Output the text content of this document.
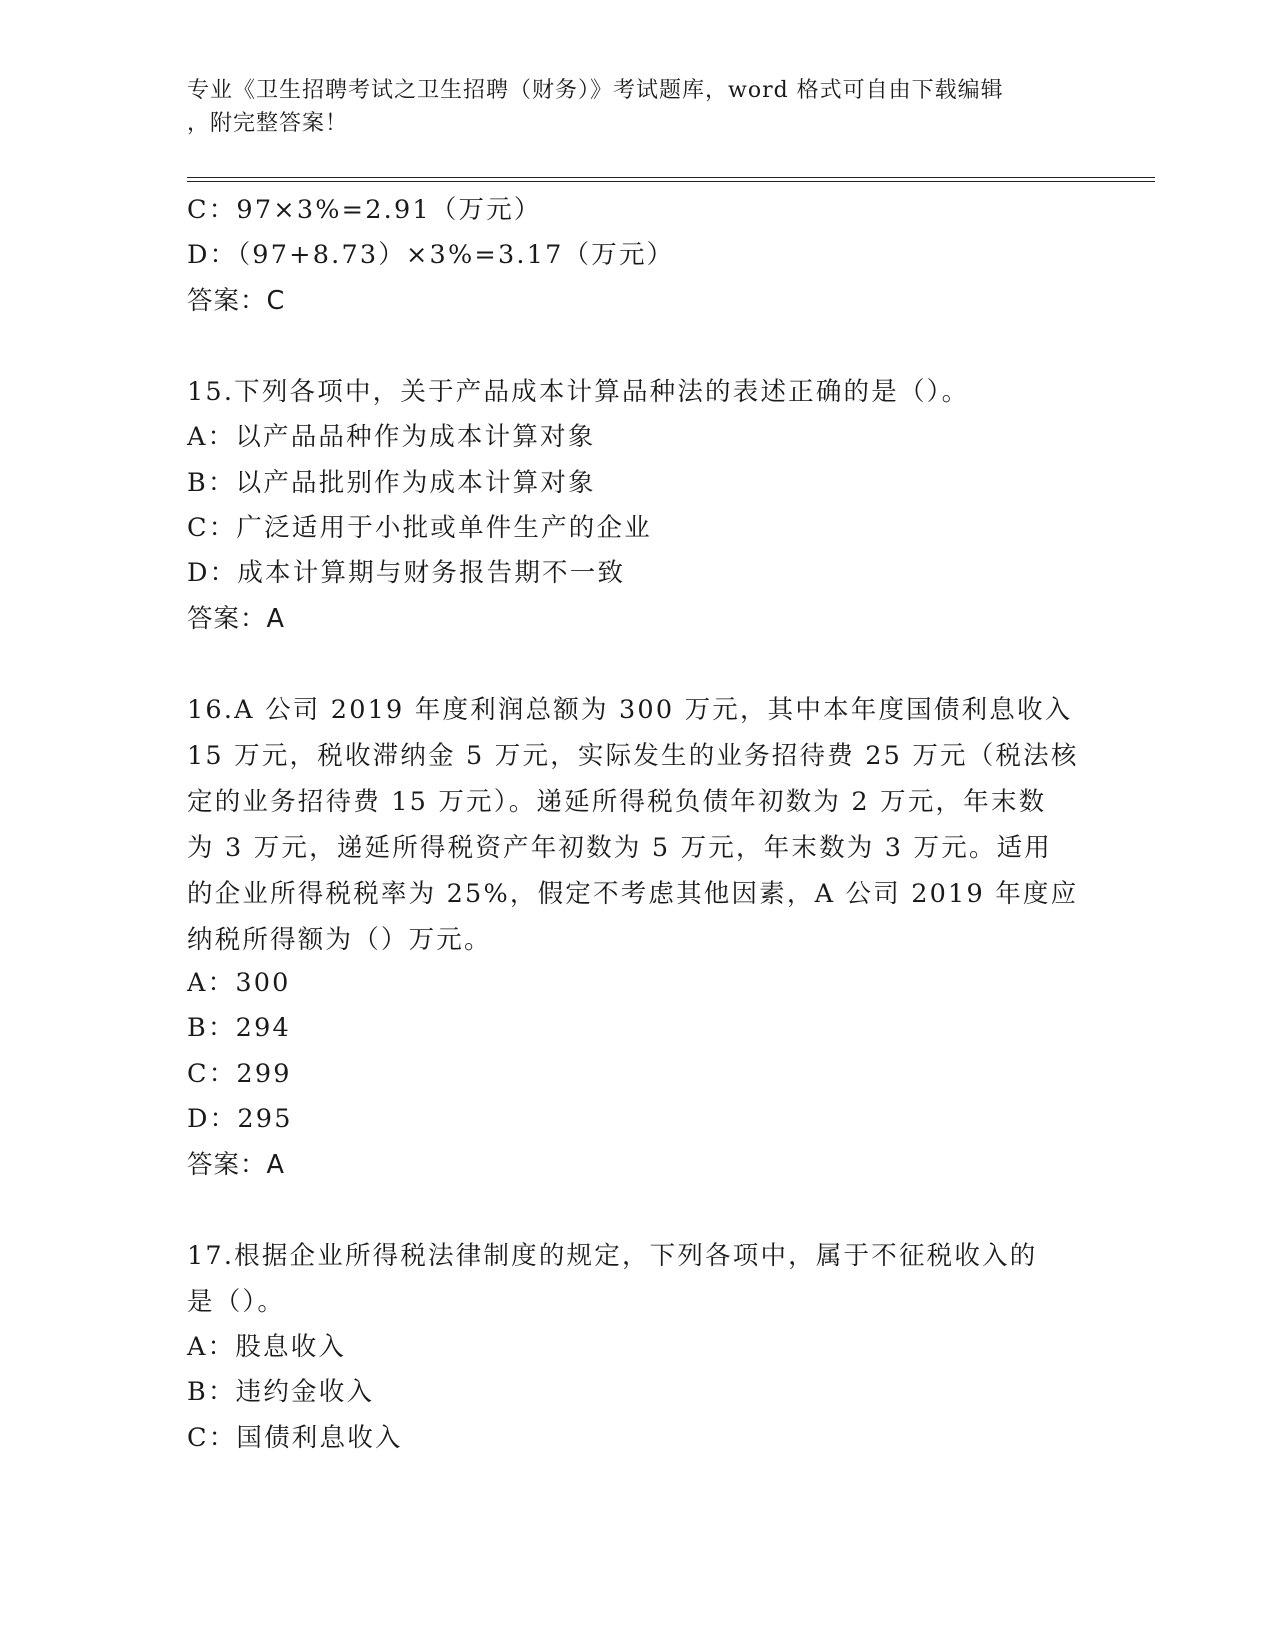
专业《卫生招聘考试之卫生招聘（财务）》考试题库，word 格式可自由下载编辑
，附完整答案！
C：97×3%=2.91（万元）
D：（97+8.73）×3%=3.17（万元）
答案：C
15.下列各项中，关于产品成本计算品种法的表述正确的是（）。
A：以产品品种作为成本计算对象
B：以产品批别作为成本计算对象
C：广泛适用于小批或单件生产的企业
D：成本计算期与财务报告期不一致
答案：A
16.A 公司 2019 年度利润总额为 300 万元，其中本年度国债利息收入
15 万元，税收滞纳金 5 万元，实际发生的业务招待费 25 万元（税法核
定的业务招待费 15 万元）。递延所得税负债年初数为 2 万元，年末数
为 3 万元，递延所得税资产年初数为 5 万元，年末数为 3 万元。适用
的企业所得税税率为 25%，假定不考虑其他因素，A 公司 2019 年度应
纳税所得额为（）万元。
A：300
B：294
C：299
D：295
答案：A
17.根据企业所得税法律制度的规定，下列各项中，属于不征税收入的
是（）。
A：股息收入
B：违约金收入
C：国债利息收入
